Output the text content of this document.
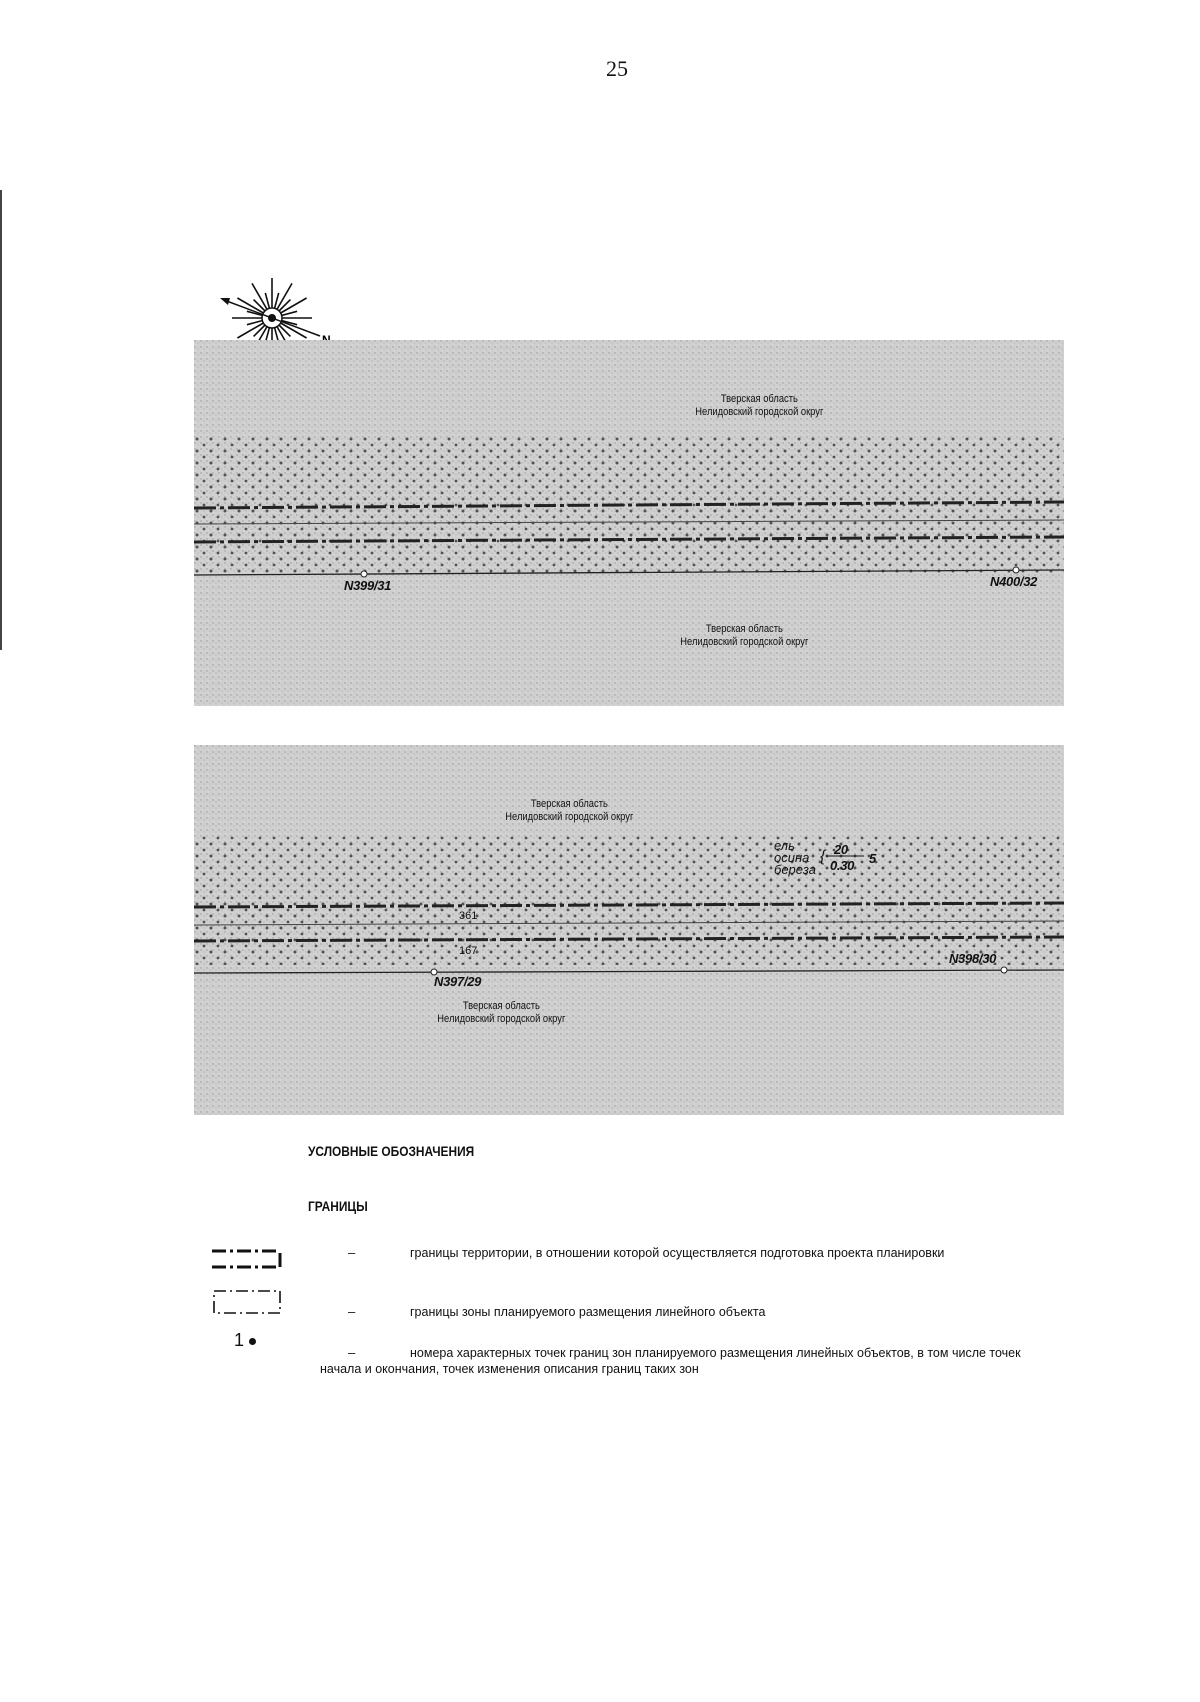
25
Тверская область
Нелидовский городской округ
Тверская область
Нелидовский городской округ
N399/31	N400/32
Тверская область
Нелидовский городской округ
Тверская область
Нелидовский городской округ
ель
осина
береза
{ 20
0.30 5
361
167
N397/29
N398/30
УСЛОВНЫЕ ОБОЗНАЧЕНИЯ
ГРАНИЦЫ
–	границы территории, в отношении которой осуществляется подготовка проекта планировки
–	границы зоны планируемого размещения линейного объекта
1
–	номера характерных точек границ зон планируемого размещения линейных объектов, в том числе точек начала и окончания, точек изменения описания границ таких зон
